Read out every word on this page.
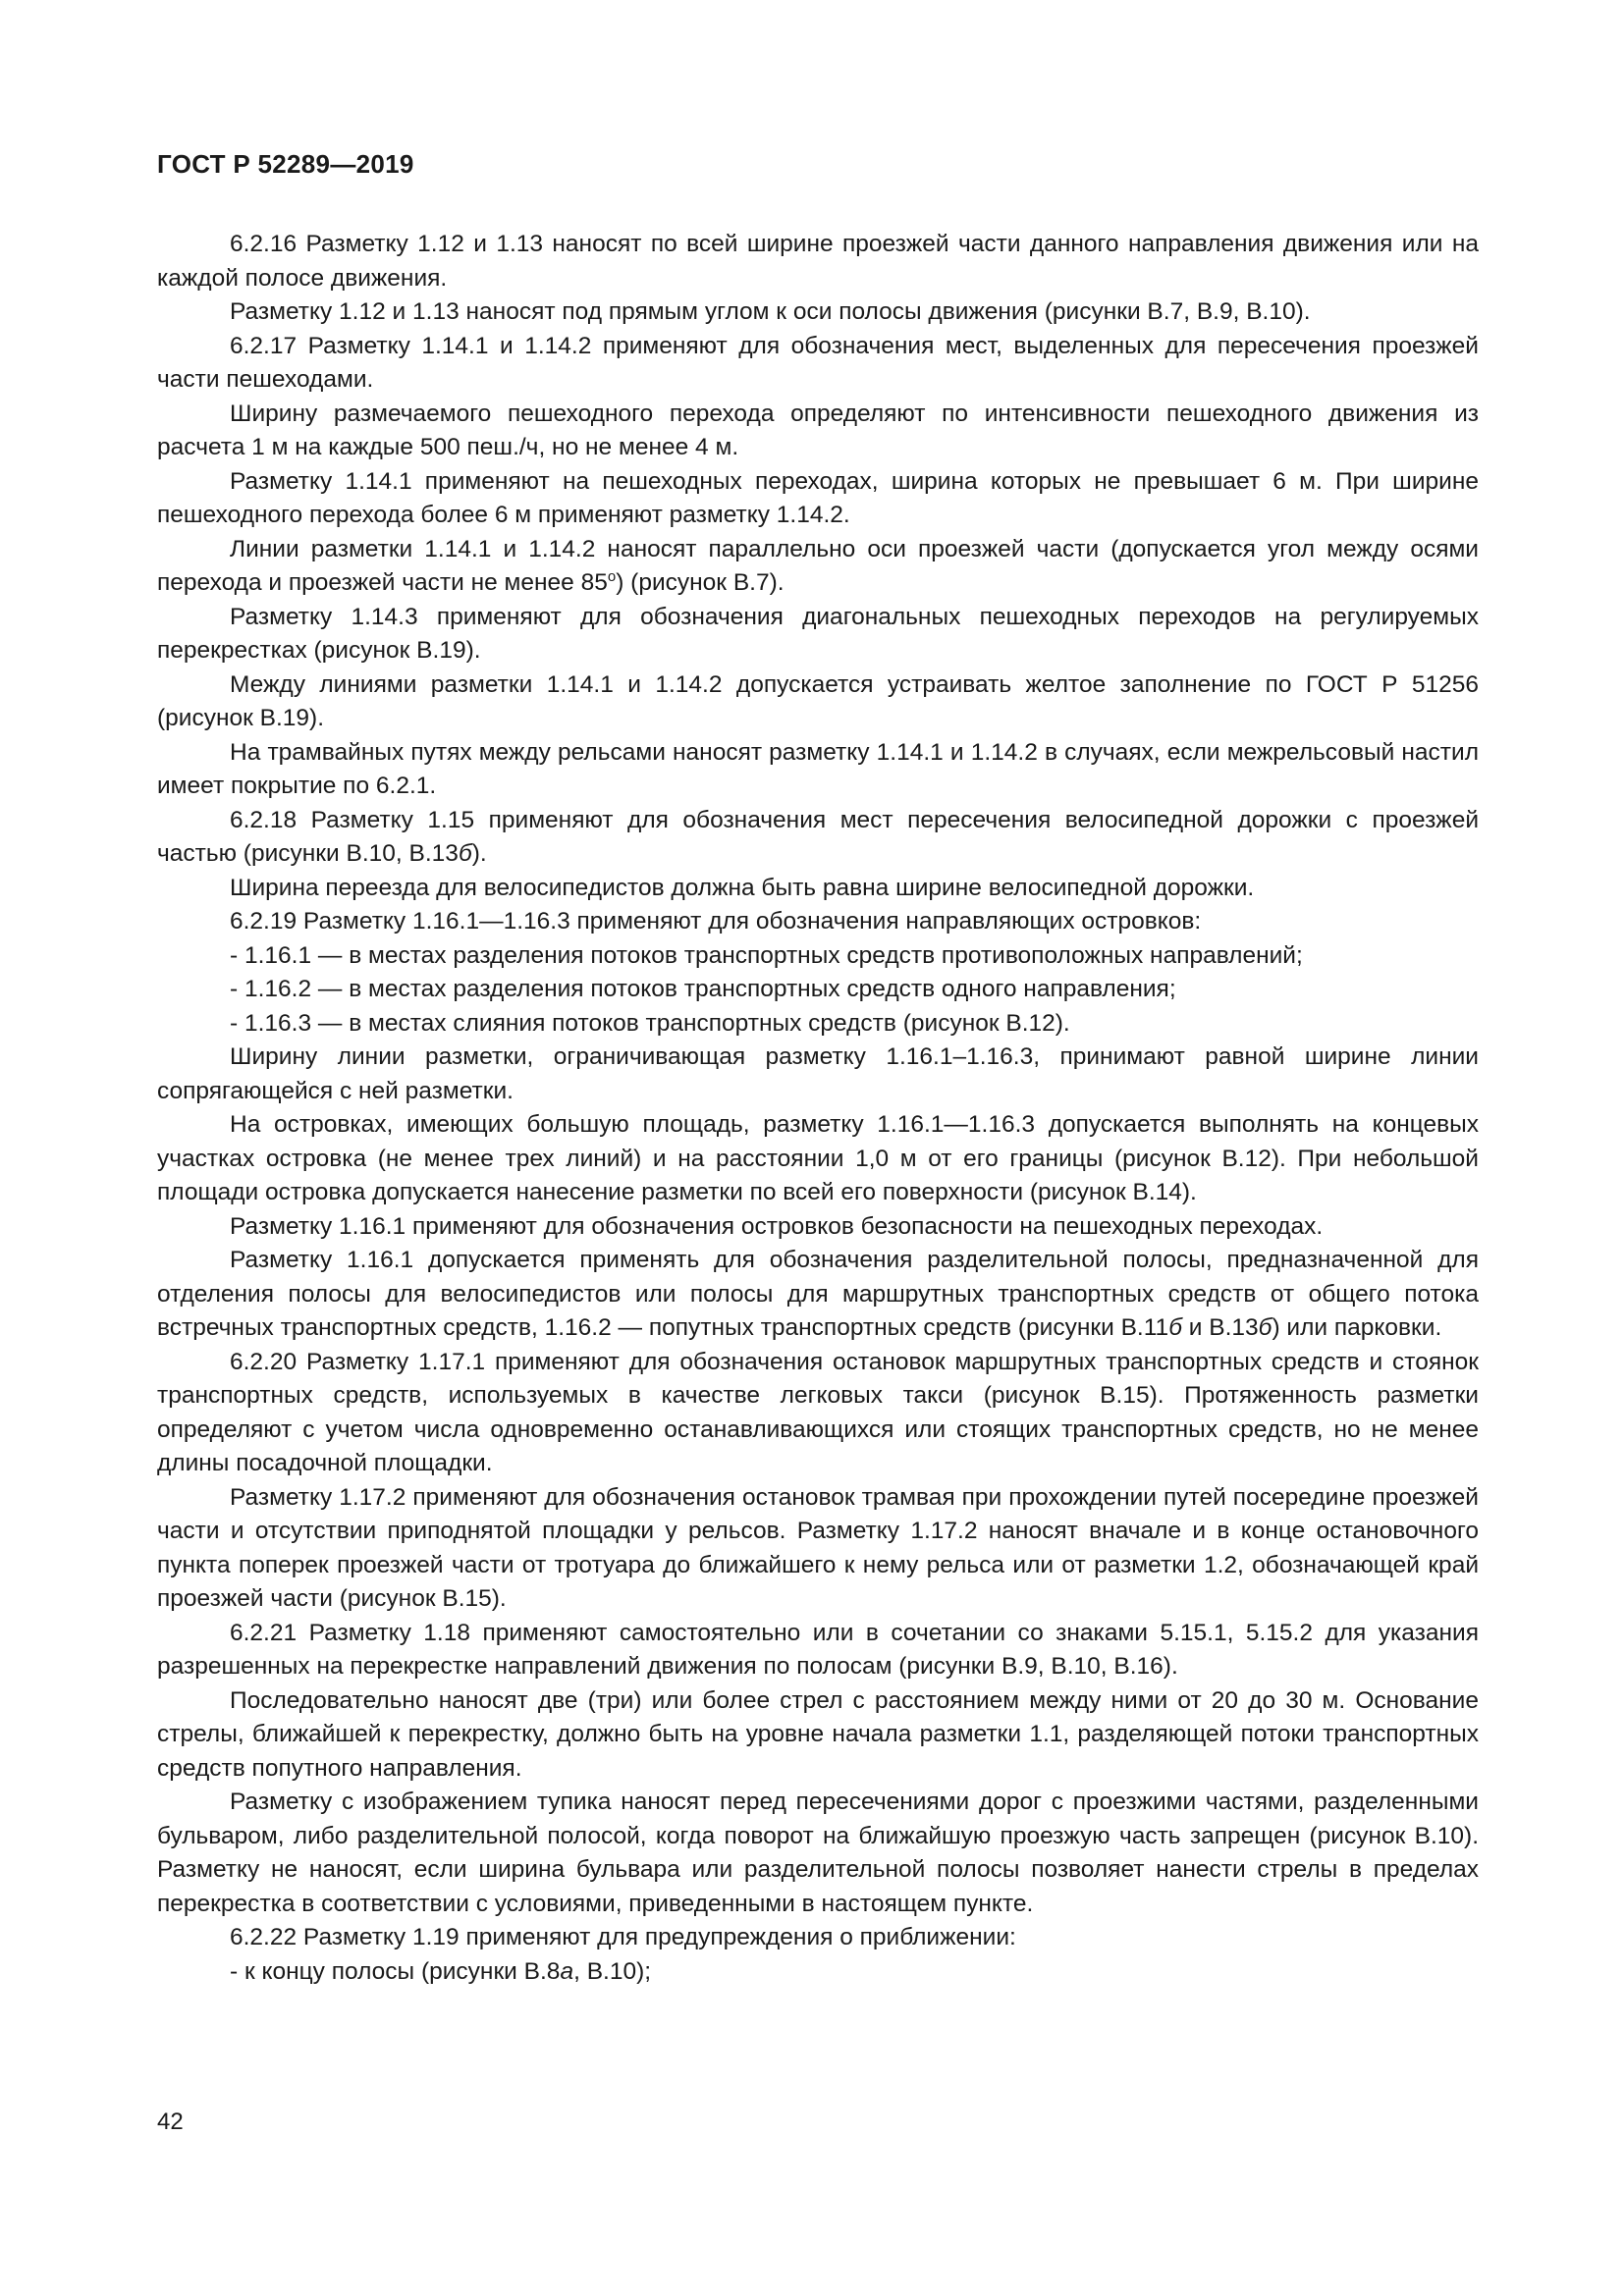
ГОСТ Р 52289—2019

6.2.16 Разметку 1.12 и 1.13 наносят по всей ширине проезжей части данного направления движения или на каждой полосе движения.

Разметку 1.12 и 1.13 наносят под прямым углом к оси полосы движения (рисунки В.7, В.9, В.10).

6.2.17 Разметку 1.14.1 и 1.14.2 применяют для обозначения мест, выделенных для пересечения проезжей части пешеходами.

Ширину размечаемого пешеходного перехода определяют по интенсивности пешеходного движения из расчета 1 м на каждые 500 пеш./ч, но не менее 4 м.

Разметку 1.14.1 применяют на пешеходных переходах, ширина которых не превышает 6 м. При ширине пешеходного перехода более 6 м применяют разметку 1.14.2.

Линии разметки 1.14.1 и 1.14.2 наносят параллельно оси проезжей части (допускается угол между осями перехода и проезжей части не менее $85^о$) (рисунок В.7).

Разметку 1.14.3 применяют для обозначения диагональных пешеходных переходов на регулируемых перекрестках (рисунок В.19).

Между линиями разметки 1.14.1 и 1.14.2 допускается устраивать желтое заполнение по ГОСТ Р 51256 (рисунок В.19).

На трамвайных путях между рельсами наносят разметку 1.14.1 и 1.14.2 в случаях, если межрельсовый настил имеет покрытие по 6.2.1.

6.2.18 Разметку 1.15 применяют для обозначения мест пересечения велосипедной дорожки с проезжей частью (рисунки В.10, В.13б).

Ширина переезда для велосипедистов должна быть равна ширине велосипедной дорожки.

6.2.19 Разметку 1.16.1—1.16.3 применяют для обозначения направляющих островков:

- 1.16.1 — в местах разделения потоков транспортных средств противоположных направлений;

- 1.16.2 — в местах разделения потоков транспортных средств одного направления;

- 1.16.3 — в местах слияния потоков транспортных средств (рисунок В.12).

Ширину линии разметки, ограничивающая разметку 1.16.1–1.16.3, принимают равной ширине линии сопрягающейся с ней разметки.

На островках, имеющих большую площадь, разметку 1.16.1—1.16.3 допускается выполнять на концевых участках островка (не менее трех линий) и на расстоянии 1,0 м от его границы (рисунок В.12). При небольшой площади островка допускается нанесение разметки по всей его поверхности (рисунок В.14).

Разметку 1.16.1 применяют для обозначения островков безопасности на пешеходных переходах.

Разметку 1.16.1 допускается применять для обозначения разделительной полосы, предназначенной для отделения полосы для велосипедистов или полосы для маршрутных транспортных средств от общего потока встречных транспортных средств, 1.16.2 — попутных транспортных средств (рисунки В.11б и В.13б) или парковки.

6.2.20 Разметку 1.17.1 применяют для обозначения остановок маршрутных транспортных средств и стоянок транспортных средств, используемых в качестве легковых такси (рисунок В.15). Протяженность разметки определяют с учетом числа одновременно останавливающихся или стоящих транспортных средств, но не менее длины посадочной площадки.

Разметку 1.17.2 применяют для обозначения остановок трамвая при прохождении путей посередине проезжей части и отсутствии приподнятой площадки у рельсов. Разметку 1.17.2 наносят вначале и в конце остановочного пункта поперек проезжей части от тротуара до ближайшего к нему рельса или от разметки 1.2, обозначающей край проезжей части (рисунок В.15).

6.2.21 Разметку 1.18 применяют самостоятельно или в сочетании со знаками 5.15.1, 5.15.2 для указания разрешенных на перекрестке направлений движения по полосам (рисунки В.9, В.10, В.16).

Последовательно наносят две (три) или более стрел с расстоянием между ними от 20 до 30 м. Основание стрелы, ближайшей к перекрестку, должно быть на уровне начала разметки 1.1, разделяющей потоки транспортных средств попутного направления.

Разметку с изображением тупика наносят перед пересечениями дорог с проезжими частями, разделенными бульваром, либо разделительной полосой, когда поворот на ближайшую проезжую часть запрещен (рисунок В.10). Разметку не наносят, если ширина бульвара или разделительной полосы позволяет нанести стрелы в пределах перекрестка в соответствии с условиями, приведенными в настоящем пункте.

6.2.22 Разметку 1.19 применяют для предупреждения о приближении:

- к концу полосы (рисунки В.8а, В.10);

42
